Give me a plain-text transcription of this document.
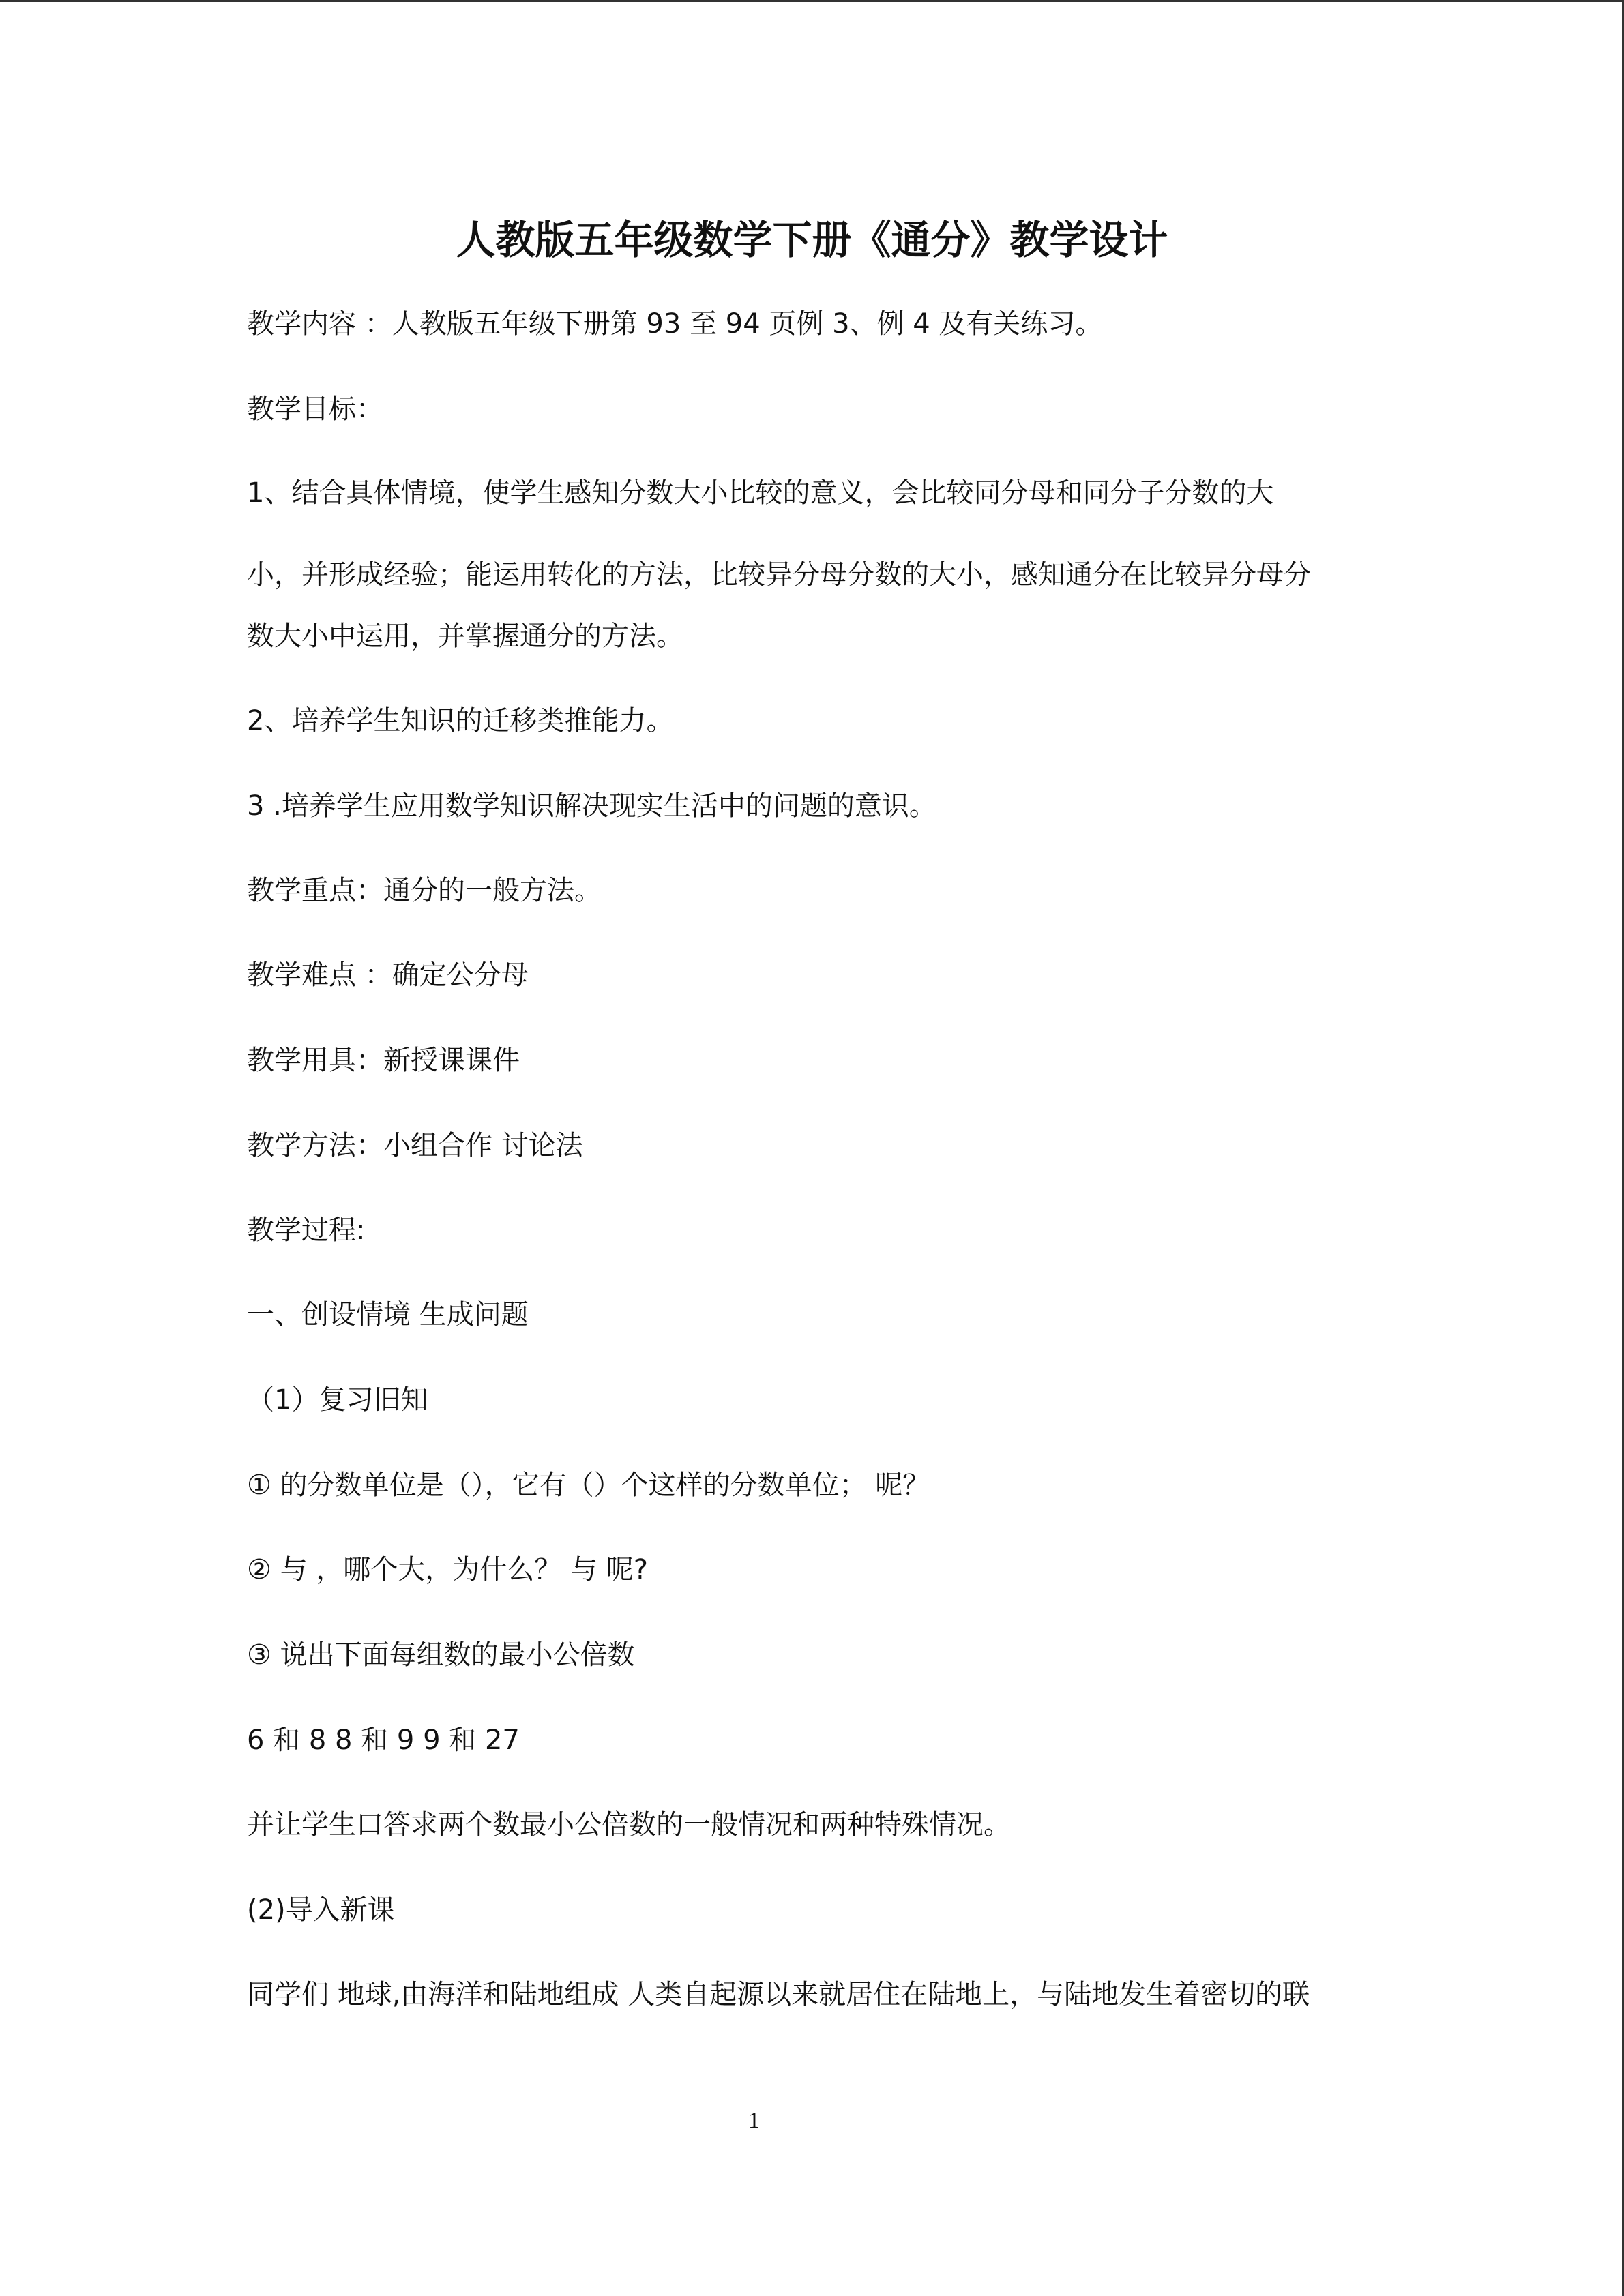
人教版五年级数学下册《通分》教学设计

教学内容 ：人教版五年级下册第 93 至 94 页例 3、例 4 及有关练习。

教学目标：

1、结合具体情境，使学生感知分数大小比较的意义，会比较同分母和同分子分数的大

小，并形成经验；能运用转化的方法，比较异分母分数的大小，感知通分在比较异分母分

数大小中运用，并掌握通分的方法。

2、培养学生知识的迁移类推能力。

3 .培养学生应用数学知识解决现实生活中的问题的意识。

教学重点：通分的一般方法。

教学难点 ：确定公分母

教学用具：新授课课件

教学方法：小组合作 讨论法

教学过程:

一、创设情境 生成问题

（1）复习旧知

① 的分数单位是（），它有（）个这样的分数单位； 呢？

② 与 ，哪个大，为什么？ 与 呢?

③ 说出下面每组数的最小公倍数

6 和 8 8 和 9 9 和 27

并让学生口答求两个数最小公倍数的一般情况和两种特殊情况。

(2)导入新课

同学们 地球,由海洋和陆地组成 人类自起源以来就居住在陆地上，与陆地发生着密切的联

1
